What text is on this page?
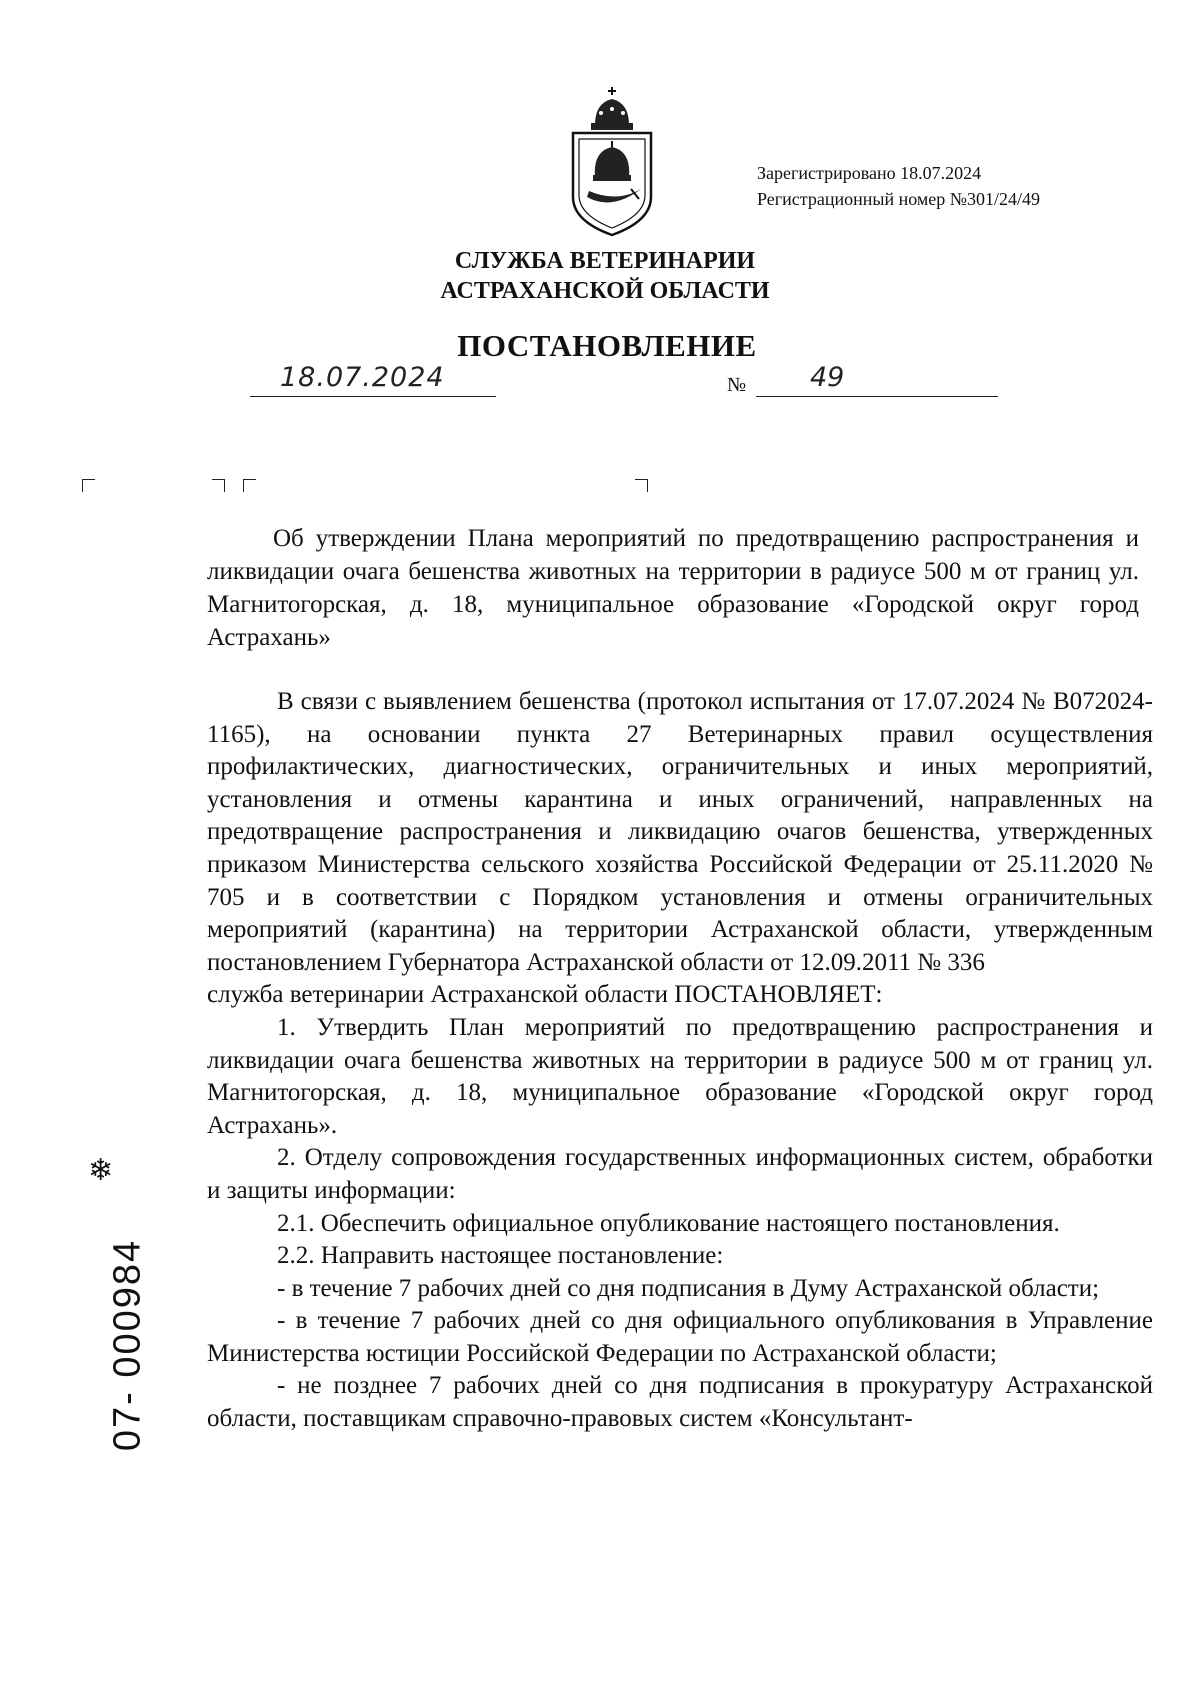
Зарегистрировано 18.07.2024
Регистрационный номер №301/24/49
СЛУЖБА ВЕТЕРИНАРИИ
АСТРАХАНСКОЙ ОБЛАСТИ
ПОСТАНОВЛЕНИЕ
18.07.2024	№ 49
Об утверждении Плана мероприятий по предотвращению распространения и ликвидации очага бешенства животных на территории в радиусе 500 м от границ ул. Магнитогорская, д. 18, муниципальное образование «Городской округ город Астрахань»

В связи с выявлением бешенства (протокол испытания от 17.07.2024 № В072024-1165), на основании пункта 27 Ветеринарных правил осуществления профилактических, диагностических, ограничительных и иных мероприятий, установления и отмены карантина и иных ограничений, направленных на предотвращение распространения и ликвидацию очагов бешенства, утвержденных приказом Министерства сельского хозяйства Российской Федерации от 25.11.2020 № 705 и в соответствии с Порядком установления и отмены ограничительных мероприятий (карантина) на территории Астраханской области, утвержденным постановлением Губернатора Астраханской области от 12.09.2011 № 336

служба ветеринарии Астраханской области ПОСТАНОВЛЯЕТ:

1. Утвердить План мероприятий по предотвращению распространения и ликвидации очага бешенства животных на территории в радиусе 500 м от границ ул. Магнитогорская, д. 18, муниципальное образование «Городской округ город Астрахань».

2. Отделу сопровождения государственных информационных систем, обработки и защиты информации:

2.1. Обеспечить официальное опубликование настоящего постановления.

2.2. Направить настоящее постановление:

- в течение 7 рабочих дней со дня подписания в Думу Астраханской области;

- в течение 7 рабочих дней со дня официального опубликования в Управление Министерства юстиции Российской Федерации по Астраханской области;

- не позднее 7 рабочих дней со дня подписания в прокуратуру Астраханской области, поставщикам справочно-правовых систем «Консультант-

❄
07- 000984
